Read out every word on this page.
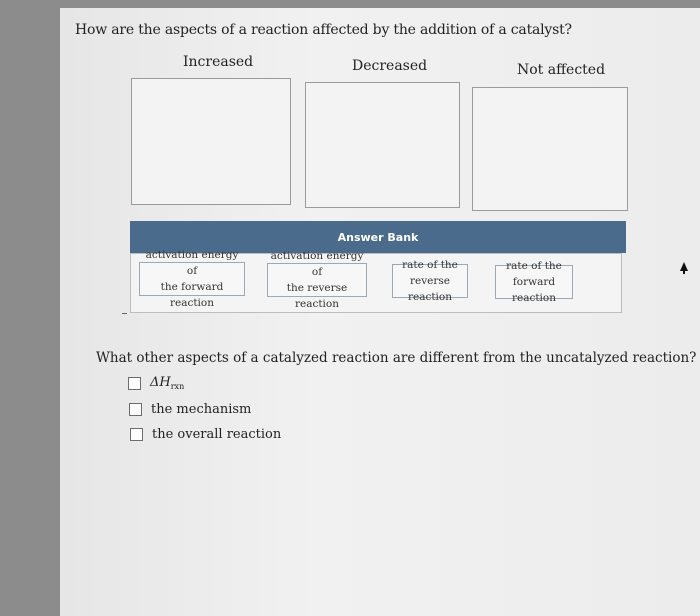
How are the aspects of a reaction affected by the addition of a catalyst?
Increased	Decreased	Not affected
Answer Bank
activation energy of
the forward reaction
activation energy of
the reverse reaction
rate of the
reverse reaction
rate of the
forward reaction
What other aspects of a catalyzed reaction are different from the uncatalyzed reaction?
$\Delta H_{rxn}$
the mechanism
the overall reaction
